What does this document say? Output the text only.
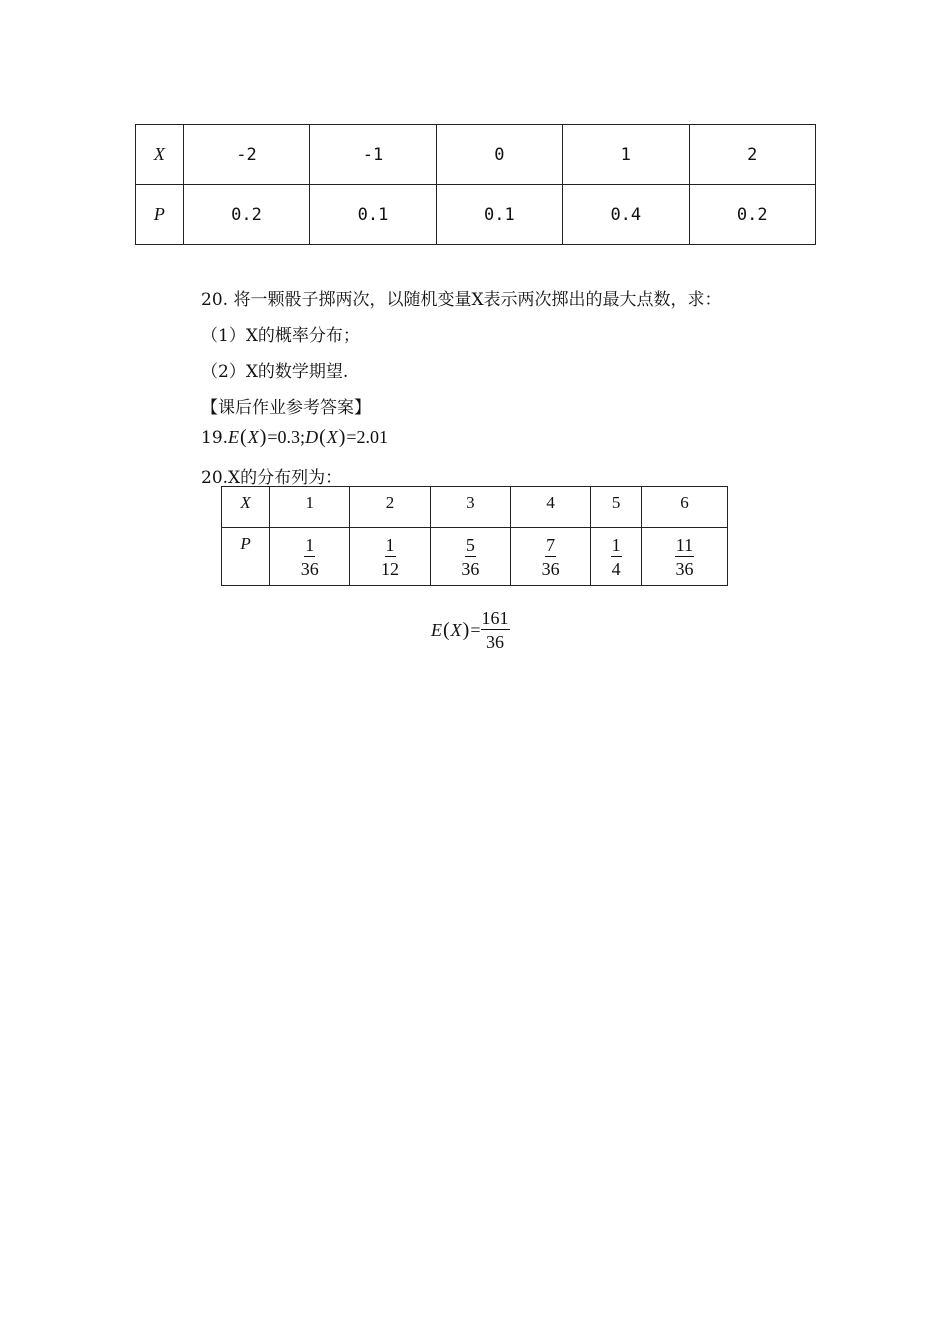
X	-2	-1	0	1	2
P	0.2	0.1	0.1	0.4	0.2
20. 将一颗骰子掷两次，以随机变量X表示两次掷出的最大点数，求：
（1）X的概率分布；
（2）X的数学期望.
【课后作业参考答案】
19.E(X)=0.3;D(X)=2.01
20.X的分布列为：
X	1	2	3	4	5	6
P	$\frac{1}{36}$	$\frac{1}{12}$	$\frac{5}{36}$	$\frac{7}{36}$	$\frac{1}{4}$	$\frac{11}{36}$
E ( X ) = $\frac{161}{36}$
